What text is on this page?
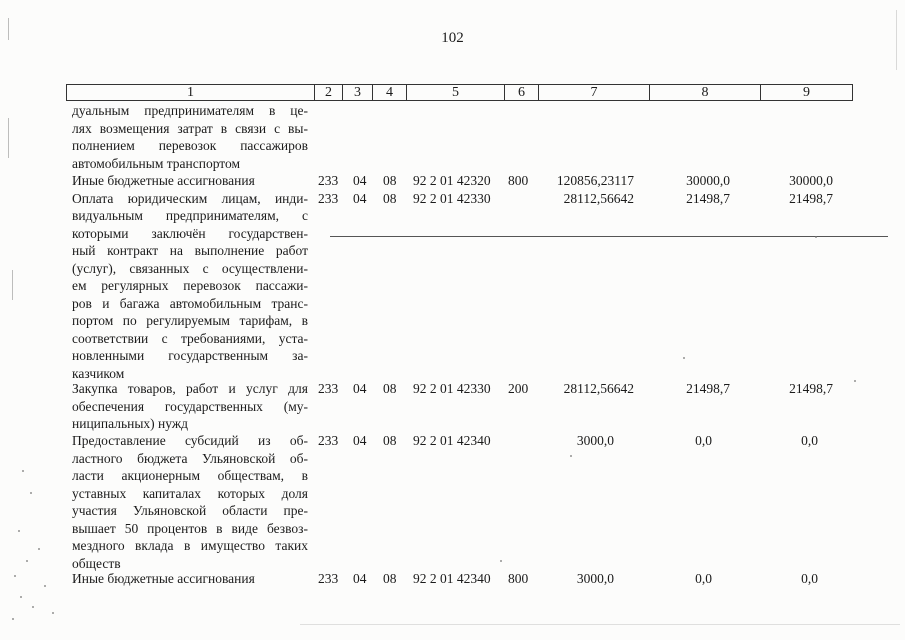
102
1	2	3	4	5	6	7	8	9
дуальным предпринимателям в це-
лях возмещения затрат в связи с вы-
полнением перевозок пассажиров
автомобильным транспортом
Иные бюджетные ассигнования	233 04 08 92 2 01 42320 800	120856,23117	30000,0	30000,0
Оплата юридическим лицам, инди-
видуальным предпринимателям, с
которыми заключён государствен-
ный контракт на выполнение работ
(услуг), связанных с осуществлени-
ем регулярных перевозок пассажи-
ров и багажа автомобильным транс-
портом по регулируемым тарифам, в
соответствии с требованиями, уста-
новленными государственным за-
казчиком
233 04 08 92 2 01 42330	28112,56642	21498,7	21498,7
Закупка товаров, работ и услуг для
обеспечения государственных (му-
ниципальных) нужд
233 04 08 92 2 01 42330 200	28112,56642	21498,7	21498,7
Предоставление субсидий из об-
ластного бюджета Ульяновской об-
ласти акционерным обществам, в
уставных капиталах которых доля
участия Ульяновской области пре-
вышает 50 процентов в виде безвоз-
мездного вклада в имущество таких
обществ
233 04 08 92 2 01 42340	3000,0	0,0	0,0
Иные бюджетные ассигнования	233 04 08 92 2 01 42340 800	3000,0	0,0	0,0
